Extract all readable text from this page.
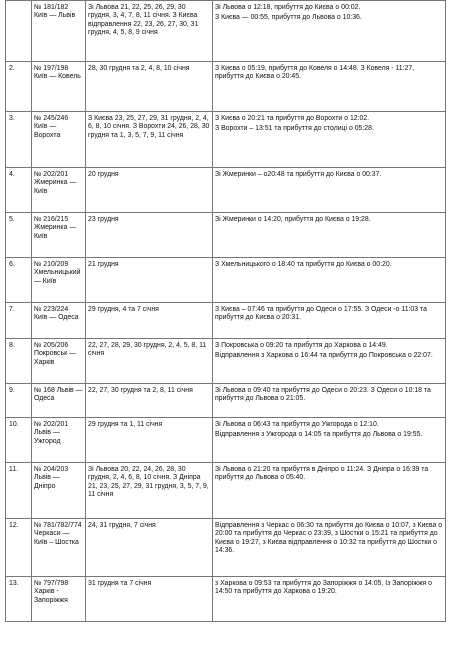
	№ 181/182 Київ — Львів	Зі Львова 21, 22, 25, 26, 29, 30 грудня, 3, 4, 7, 8, 11 січня. З Києва відправлення 22, 23, 26, 27, 30, 31 грудня, 4, 5, 8, 9 січня	Зі Львова о 12:18, прибуття до Києва о 00:02.

З Києва — 00:55, прибуття до Львова о 10:36.

2.	№ 197/198 Київ — Ковель	28, 30 грудня та 2, 4, 8, 10 січня	З Києва о 05:19, прибуття до Ковеля о 14:48. З Ковеля - 11:27, прибуття до Києва о 20:45.

3.	№ 245/246 Київ — Ворохта	З Києва 23, 25, 27, 29, 31 грудня, 2, 4, 6, 8, 10 січня. З Ворохти 24, 26, 28, 30 грудня та 1, 3, 5, 7, 9, 11 січня	З Києва о 20:21 та прибуття до Ворохти о 12:02.

З Ворохти – 13:51 та прибуття до столиці о 05:28.

4.	№ 202/201 Жмеринка — Київ	20 грудня	Зі Жмеринки – о20:48 та прибуття до Києва о 00:37.

5.	№ 216/215 Жмеринка — Київ	23 грудня	Зі Жмеринки о 14:20, прибуття до Києва о 19:28.

6.	№ 210/209 Хмельницький — Київ	21 грудня	З Хмельницького о 18:40 та прибуття до Києва о 00:20.

7.	№ 223/224 Київ — Одеса	29 грудня, 4 та 7 січня	З Києва – 07:46 та прибуття до Одеси о 17:55. З Одеси -о 11:03 та прибуття до Києва о 20:31.

8.	№ 205/206 Покровськ — Харків	22, 27, 28, 29, 30 грудня, 2, 4, 5, 8, 11 січня	З Покровська о 09:20 та прибуття до Харкова о 14:49.

Відправлення з Харкова о 16:44 та прибуття до Покровська о 22:07.

9.	№ 168 Львів — Одеса	22, 27, 30 грудня та 2, 8, 11 січня	Зі Львова о 09:40 та прибуття до Одеси о 20:23. З Одеси о 10:18 та прибуття до Львова о 21:05.

10.	№ 202/201 Львів — Ужгород	29 грудня та 1, 11 січня	Зі Львова о 06:43 та прибуття до Ужгорода о 12:10.

Відправлення з Ужгорода о 14:05 та прибуття до Львова о 19:55.

11.	№ 204/203 Львів — Дніпро	Зі Львова 20, 22, 24, 26, 28, 30 грудня, 2, 4, 6, 8, 10 січня. З Дніпра 21, 23, 25, 27, 29, 31 грудня, 3, 5, 7, 9, 11 січня	Зі Львова о 21:20 та прибуття в Дніпро о 11:24. З Дніпра о 16:39 та прибуття до Львова о 05:40.

12.	№ 781/782/774 Черкаси — Київ – Шостка	24, 31 грудня, 7 січня	Відправлення з Черкас о 06:30 та прибуття до Києва о 10:07, з Києва о 20:00 та прибуття до Черкас о 23:39, з Шостки о 15:21 та прибуття до Києва о 19:27, з Києва відправлення о 10:32 та прибуття до Шостки о 14:36.

13.	№ 797/798 Харків - Запоріжжя	31 грудня та 7 січня	з Харкова о 09:53 та прибуття до Запоріжжя о 14:05, Із Запоріжжя о 14:50 та прибуття до Харкова о 19:20.
